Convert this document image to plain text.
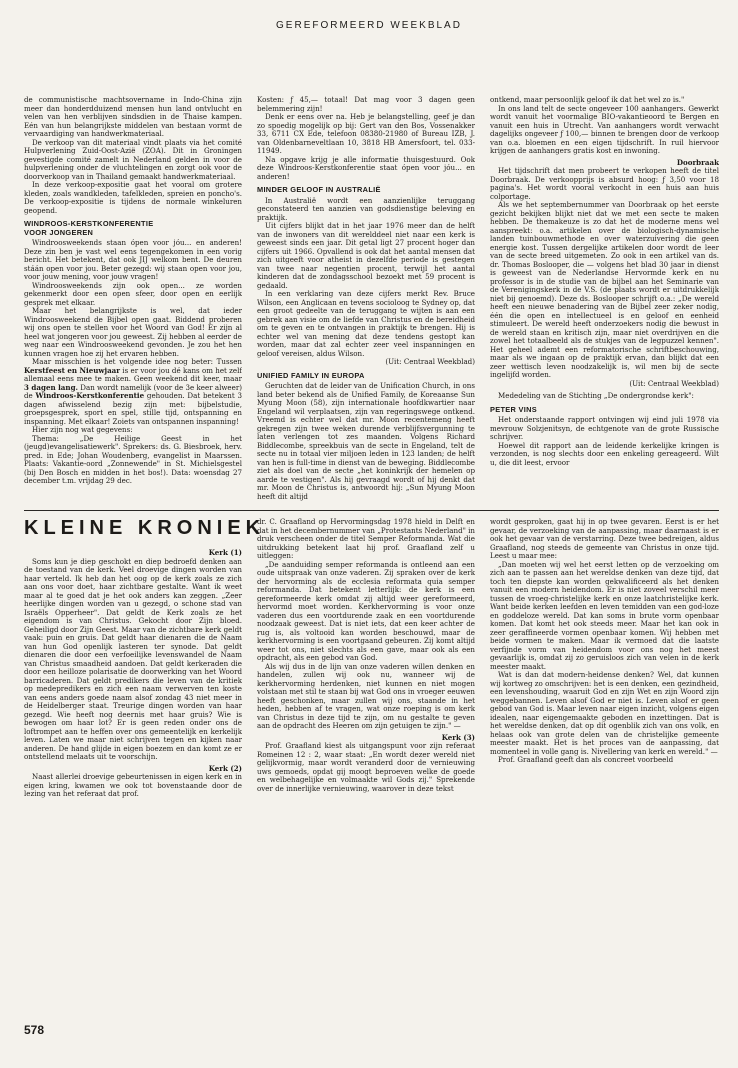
GEREFORMEERD WEEKBLAD

de communistische machtsovername in Indo-China zijn meer dan honderdduizend mensen hun land ontvlucht en velen van hen verblijven sindsdien in de Thaise kampen. Eén van hun belangrijkste middelen van bestaan vormt de vervaardiging van handwerkmateriaal.

De verkoop van dit materiaal vindt plaats via het comité Hulpverlening Zuid-Oost-Azië (ZOA). Dit in Groningen gevestigde comité zamelt in Nederland gelden in voor de hulpverlening onder de vluchtelingen en zorgt ook voor de doorverkoop van in Thailand gemaakt handwerkmateriaal.

In deze verkoop-expositie gaat het vooral om grotere kleden, zoals wandkleden, tafelkleden, spreien en poncho's. De verkoop-expositie is tijdens de normale winkeluren geopend.

WINDROOS-KERSTKONFERENTIE
VOOR JONGEREN

Windroosweekends staan ópen voor jóu... en anderen! Deze zin ben je vast wel eens tegengekomen in een vorig bericht. Het betekent, dat ook JIJ welkom bent. De deuren stáán open voor jou. Beter gezegd: wij staan open voor jou, voor jouw mening, voor jouw vragen!

Windroosweekends zijn ook open... ze worden gekenmerkt door een open sfeer, door open en eerlijk gesprek met elkaar.

Maar het belangrijkste is wel, dat ieder Windroosweekend de Bijbel open gaat. Biddend proberen wij ons open te stellen voor het Woord van God! Er zijn al heel wat jongeren voor jou geweest. Zij hebben al eerder de weg naar een Windroosweekend gevonden. Je zou het hen kunnen vragen hoe zij het ervaren hebben.

Maar misschien is het volgende idee nog beter: Tussen Kerstfeest en Nieuwjaar is er voor jou dé kans om het zelf allemaal eens mee te maken. Geen weekend dit keer, maar 3 dagen lang. Dan wordt namelijk (voor de 3e keer alweer) de Windroos-Kerstkonferentie gehouden. Dat betekent 3 dagen afwisselend bezig zijn met: bijbelstudie, groepsgesprek, sport en spel, stille tijd, ontspanning en inspanning. Met elkaar! Zoiets van ontspannen inspanning!

Hier zijn nog wat gegevens:

Thema: „De Heilige Geest in het (jeugd)evangelisatiewerk". Sprekers: ds. G. Biesbroek, herv. pred. in Ede; Johan Woudenberg, evangelist in Maarssen. Plaats: Vakantie-oord „Zonnewende" in St. Michielsgestel (bij Den Bosch en midden in het bos!). Data: woensdag 27 december t.m. vrijdag 29 dec.

Kosten: ƒ 45,— totaal! Dat mag voor 3 dagen geen belemmering zijn!

Denk er eens over na. Heb je belangstelling, geef je dan zo spoedig mogelijk op bij: Gert van den Bos, Vossenakker 33, 6711 CX Ede, telefoon 08380-21980 of Bureau IZB, J. van Oldenbarneveltlaan 10, 3818 HB Amersfoort, tel. 033-11949.

Na opgave krijg je alle informatie thuisgestuurd. Ook deze Windroos-Kerstkonferentie staat ópen voor jóu... en anderen!

MINDER GELOOF IN AUSTRALIË

In Australië wordt een aanzienlijke teruggang geconstateerd ten aanzien van godsdienstige beleving en praktijk.

Uit cijfers blijkt dat in het jaar 1976 meer dan de helft van de inwoners van dit werelddeel niet naar een kerk is geweest sinds een jaar. Dit getal ligt 27 procent hoger dan cijfers uit 1966. Opvallend is ook dat het aantal mensen dat zich uitgeeft voor atheist in dezelfde periode is gestegen van twee naar negentien procent, terwijl het aantal kinderen dat de zondagsschool bezoekt met 59 procent is gedaald.

In een verklaring van deze cijfers merkt Rev. Bruce Wilson, een Anglicaan en tevens socioloog te Sydney op, dat een groot gedeelte van de teruggang te wijten is aan een gebrek aan visie om de liefde van Christus en de bereidheid om te geven en te ontvangen in praktijk te brengen. Hij is echter wel van mening dat deze tendens gestopt kan worden, maar dat zal echter zeer veel inspanningen en geloof vereisen, aldus Wilson.

(Uit: Centraal Weekblad)
UNIFIED FAMILY IN EUROPA

Geruchten dat de leider van de Unification Church, in ons land beter bekend als de Unified Family, de Koreaanse Sun Myung Moon (58), zijn internationale hoofdkwartier naar Engeland wil verplaatsen, zijn van regeringswege ontkend. Vreemd is echter wel dat mr. Moon recentemeng heeft gekregen zijn twee weken durende verblijfsvergunning te laten verlengen tot zes maanden. Volgens Richard Biddlecombe, spreekbuis van de secte in Engeland, telt de secte nu in totaal vier miljoen leden in 123 landen; de helft van hen is full-time in dienst van de beweging. Biddlecombe ziet als doel van de secte „het koninkrijk der hemelen op aarde te vestigen". Als hij gevraagd wordt of hij denkt dat mr. Moon de Christus is, antwoordt hij: „Sun Myung Moon heeft dit altijd

ontkend, maar persoonlijk geloof ik dat het wel zo is."

In ons land telt de secte ongeveer 100 aanhangers. Gewerkt wordt vanuit het voormalige BIO-vakantieoord te Bergen en vanuit een huis in Utrecht. Van aanhangers wordt verwacht dagelijks ongeveer ƒ 100,— binnen te brengen door de verkoop van o.a. bloemen en een eigen tijdschrift. In ruil hiervoor krijgen de aanhangers gratis kost en inwoning.

Doorbraak

Het tijdschrift dat men probeert te verkopen heeft de titel Doorbraak. De verkoopprijs is absurd hoog: ƒ 3,50 voor 18 pagina's. Het wordt vooral verkocht in een huis aan huis colportage.

Als we het septembernummer van Doorbraak op het eerste gezicht bekijken blijkt niet dat we met een secte te maken hebben. De themakeuze is zo dat het de moderne mens wel aanspreekt: o.a. artikelen over de biologisch-dynamische landen tuinbouwmethode en over waterzuivering die geen energie kost. Tussen dergelijke artikelen door wordt de leer van de secte breed uitgemeten. Zo ook in een artikel van ds. dr. Thomas Boslooper, die — volgens het blad 30 jaar in dienst is geweest van de Nederlandse Hervormde kerk en nu professor is in de studie van de bijbel aan het Seminarie van de Verenigingskerk in de V.S. (de plaats wordt er uitdrukkelijk niet bij genoemd). Deze ds. Boslooper schrijft o.a.: „De wereld heeft een nieuwe benadering van de Bijbel zeer zeker nodig, één die open en intellectueel is en geloof en eenheid stimuleert. De wereld heeft onderzoekers nodig die bewust in de wereld staan en kritisch zijn, maar niet overdrijven en die zowel het totaalbeeld als de stukjes van de legpuzzel kennen". Het geheel ademt een reformatorische schriftbeschouwing, maar als we ingaan op de praktijk ervan, dan blijkt dat een zeer wettisch leven noodzakelijk is, wil men bij de secte ingelijfd worden.

(Uit: Centraal Weekblad)

Mededeling van de Stichting „De ondergrondse kerk":

PETER VINS

Het onderstaande rapport ontvingen wij eind juli 1978 via mevrouw Solzjenitsyn, de echtgenote van de grote Russische schrijver.

Hoewel dit rapport aan de leidende kerkelijke kringen is verzonden, is nog slechts door een enkeling gereageerd. Wilt u, die dit leest, ervoor

KLEINE KRONIEK
Kerk (1)

Soms kun je diep geschokt en diep bedroefd denken aan de toestand van de kerk. Veel droevige dingen worden van haar verteld. Ik heb dan het oog op de kerk zoals ze zich aan ons voor doet, haar zichtbare gestalte. Want ik weet maar al te goed dat je het ook anders kan zeggen. „Zeer heerlijke dingen worden van u gezegd, o schone stad van Israëls Opperheer". Dat geldt de Kerk zoals ze het eigendom is van Christus. Gekocht door Zijn bloed. Geheiligd door Zijn Geest. Maar van de zichtbare kerk geldt vaak: puin en gruis. Dat geldt haar dienaren die de Naam van hun God openlijk lasteren ter synode. Dat geldt dienaren die door een verfoeilijke levenswandel de Naam van Christus smaadheid aandoen. Dat geldt kerkeraden die door een heilloze polarisatie de doorwerking van het Woord barricaderen. Dat geldt predikers die leven van de kritiek op medepredikers en zich een naam verwerven ten koste van eens anders goede naam alsof zondag 43 niet meer in de Heidelberger staat. Treurige dingen worden van haar gezegd. Wie heeft nog deernis met haar gruis? Wie is bewogen om haar lot? Er is geen reden onder ons de loftrompet aan te heffen over ons gemeentelijk en kerkelijk leven. Laten we maar niet schrijven tegen en kijken naar anderen. De hand glijde in eigen boezem en dan komt ze er ontstellend melaats uit te voorschijn.

Kerk (2)

Naast allerlei droevige gebeurtenissen in eigen kerk en in eigen kring, kwamen we ook tot bovenstaande door de lezing van het referaat dat prof.

dr. C. Graafland op Hervormingsdag 1978 hield in Delft en dat in het decembernummer van „Protestants Nederland" in druk verscheen onder de titel Semper Reformanda. Wat die uitdrukking betekent laat hij prof. Graafland zelf u uitleggen:

„De aanduiding semper reformanda is ontleend aan een oude uitspraak van onze vaderen. Zij spraken over de kerk der hervorming als de ecclesia reformata quia semper reformanda. Dat betekent letterlijk: de kerk is een gereformeerde kerk omdat zij altijd weer gereformeerd, hervormd moet worden. Kerkhervorming is voor onze vaderen dus een voortdurende zaak en een voortdurende noodzaak geweest. Dat is niet iets, dat een keer achter de rug is, als voltooid kan worden beschouwd, maar de kerkhervorming is een voortgaand gebeuren. Zij komt altijd weer tot ons, niet slechts als een gave, maar ook als een opdracht, als een gebod van God.

Als wij dus in de lijn van onze vaderen willen denken en handelen, zullen wij ook nu, wanneer wij de kerkhervorming herdenken, niet kunnen en niet mogen volstaan met stil te staan bij wat God ons in vroeger eeuwen heeft geschonken, maar zullen wij ons, staande in het heden, hebben af te vragen, wat onze roeping is om kerk van Christus in deze tijd te zijn, om nu gestalte te geven aan de opdracht des Heeren om zijn getuigen te zijn." —

Kerk (3)

Prof. Graafland kiest als uitgangspunt voor zijn referaat Romeinen 12 : 2, waar staat: „En wordt dezer wereld niet gelijkvormig, maar wordt veranderd door de vernieuwing uws gemoeds, opdat gij moogt beproeven welke de goede en welbehagelijke en volmaakte wil Gods zij." Sprekende over de innerlijke vernieuwing, waarover in deze tekst

wordt gesproken, gaat hij in op twee gevaren. Eerst is er het gevaar, de verzoeking van de aanpassing, maar daarnaast is er ook het gevaar van de verstarring. Deze twee bedreigen, aldus Graafland, nog steeds de gemeente van Christus in onze tijd. Leest u maar mee:

„Dan moeten wij wel het eerst letten op de verzoeking om zich aan te passen aan het wereldse denken van deze tijd, dat toch ten diepste kan worden gekwalificeerd als het denken vanuit een modern heidendom. Er is niet zoveel verschil meer tussen de vroeg-christelijke kerk en onze laatchristelijke kerk. Want beide kerken leefden en leven temidden van een god-loze en goddeloze wereld. Dat kan soms in brute vorm openbaar komen. Dat komt het ook steeds meer. Maar het kan ook in zeer geraffineerde vormen openbaar komen. Wij hebben met beide vormen te maken. Maar ik vermoed dat die laatste verfijnde vorm van heidendom voor ons nog het meest gevaarlijk is, omdat zij zo geruisloos zich van velen in de kerk meester maakt.

Wat is dan dat modern-heidense denken? Wel, dat kunnen wij kortweg zo omschrijven: het is een denken, een gezindheid, een levenshouding, waaruit God en zijn Wet en zijn Woord zijn weggebannen. Leven alsof God er niet is. Leven alsof er geen gebod van God is. Maar leven naar eigen inzicht, volgens eigen idealen, naar eigengemaakte geboden en inzettingen. Dat is het wereldse denken, dat op dit ogenblik zich van ons volk, en helaas ook van grote delen van de christelijke gemeente meester maakt. Het is het proces van de aanpassing, dat momenteel in volle gang is. Nivellering van kerk en wereld." —

Prof. Graafland geeft dan als concreet voorbeeld

578
